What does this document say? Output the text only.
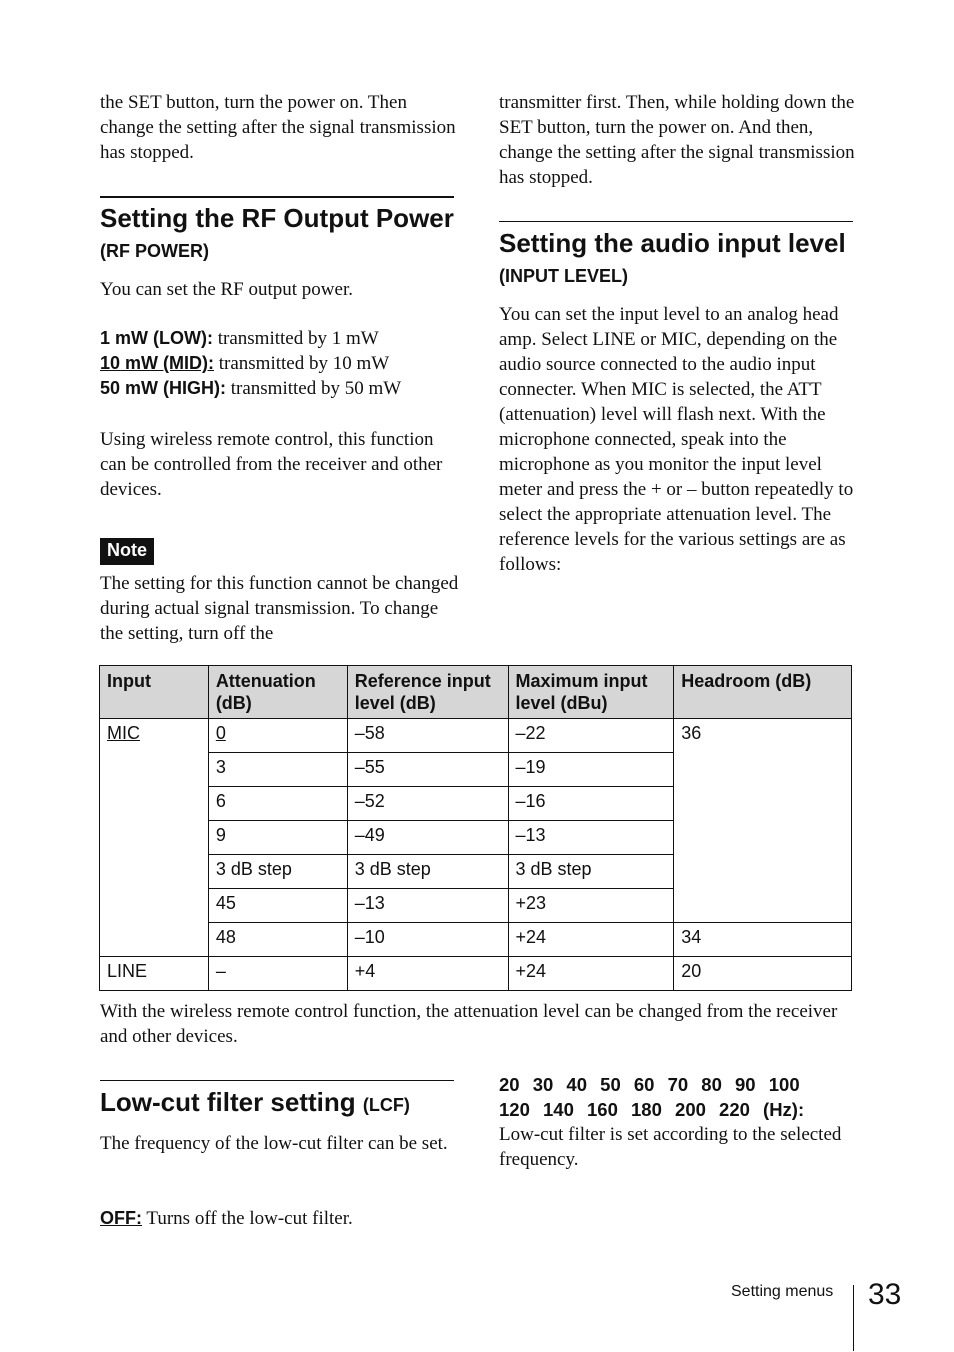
the SET button, turn the power on. Then change the setting after the signal transmission has stopped.

Setting the RF Output Power (RF POWER)

You can set the RF output power.

1 mW (LOW): transmitted by 1 mW
10 mW (MID): transmitted by 10 mW
50 mW (HIGH): transmitted by 50 mW

Using wireless remote control, this function can be controlled from the receiver and other devices.

Note

The setting for this function cannot be changed during actual signal transmission. To change the setting, turn off the

transmitter first. Then, while holding down the SET button, turn the power on. And then, change the setting after the signal transmission has stopped.

Setting the audio input level (INPUT LEVEL)

You can set the input level to an analog head amp. Select LINE or MIC, depending on the audio source connected to the audio input connecter. When MIC is selected, the ATT (attenuation) level will flash next. With the microphone connected, speak into the microphone as you monitor the input level meter and press the + or – button repeatedly to select the appropriate attenuation level. The reference levels for the various settings are as follows:

Input	Attenuation (dB)	Reference input level (dB)	Maximum input level (dBu)	Headroom (dB)
MIC	0	–58	–22	36
	3	–55	–19	
	6	–52	–16	
	9	–49	–13	
	3 dB step	3 dB step	3 dB step	
	45	–13	+23	
	48	–10	+24	34
LINE	–	+4	+24	20

With the wireless remote control function, the attenuation level can be changed from the receiver and other devices.

Low-cut filter setting (LCF)

The frequency of the low-cut filter can be set.

OFF: Turns off the low-cut filter.
20 30 40 50 60 70 80 90 100
120 140 160 180 200 220 (Hz):

Low-cut filter is set according to the selected frequency.

Setting menus 33
